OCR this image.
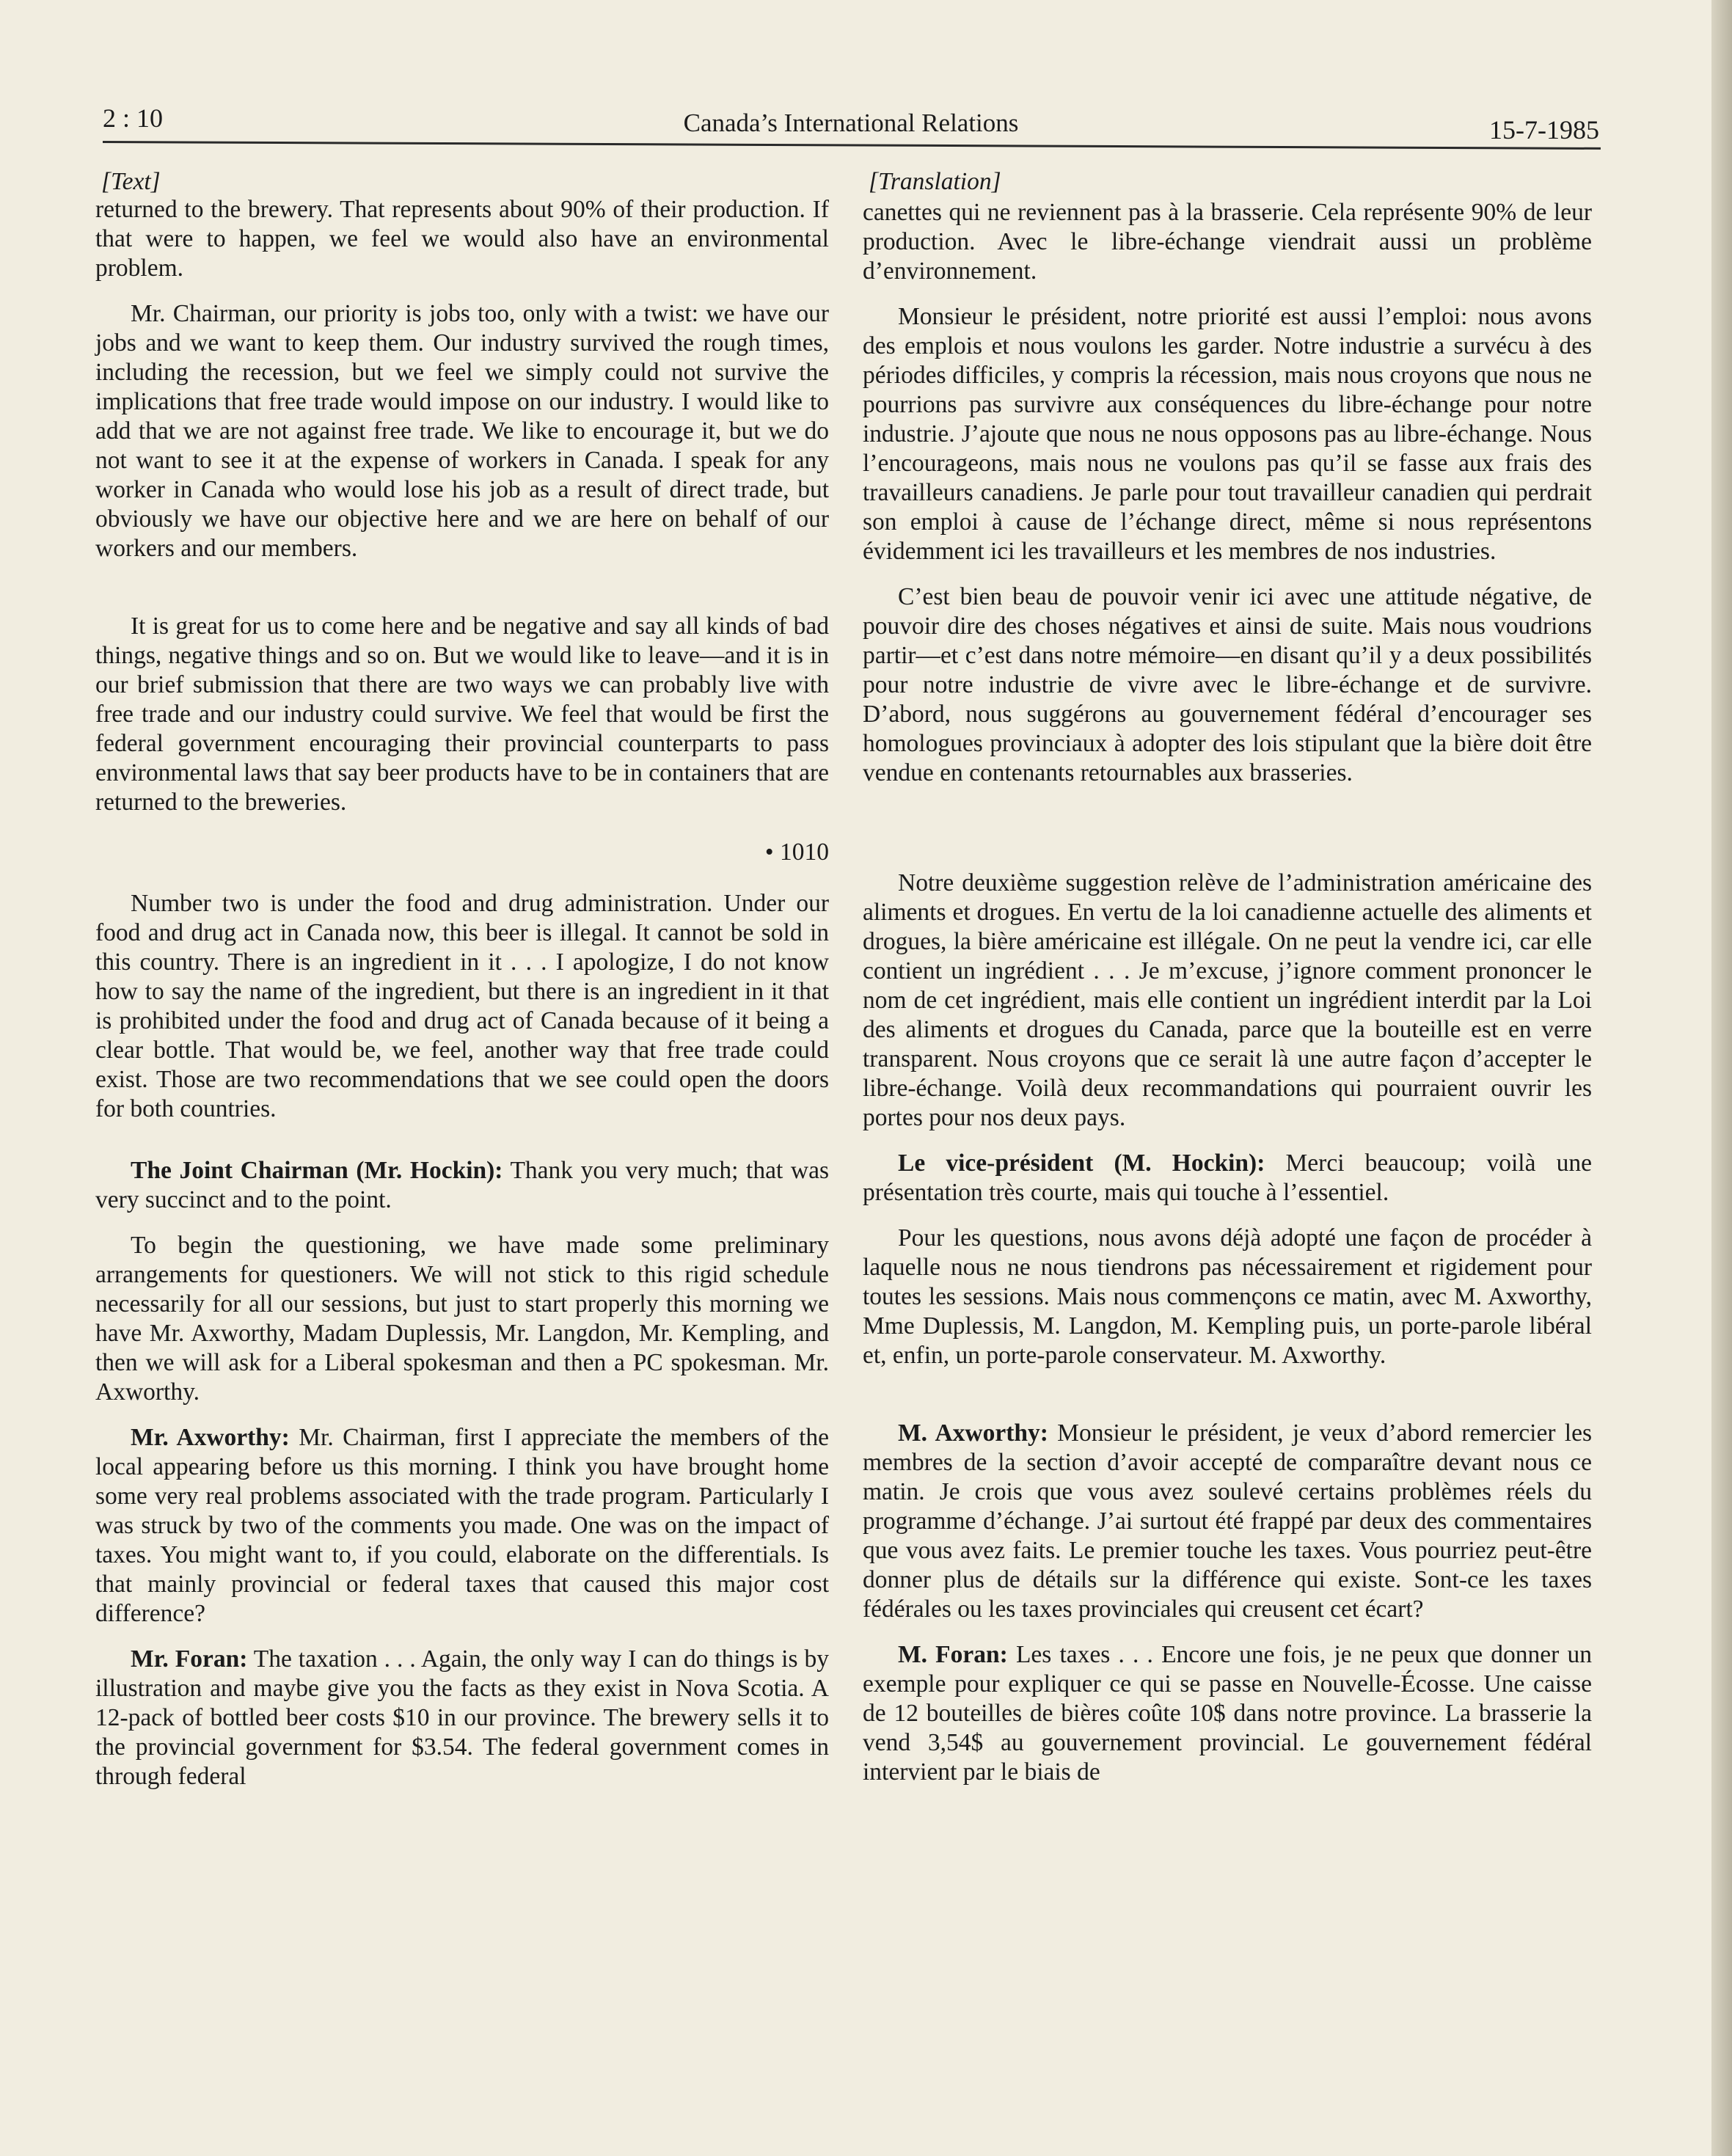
2 : 10	Canada’s International Relations	15-7-1985

[Text]

returned to the brewery. That represents about 90% of their production. If that were to happen, we feel we would also have an environmental problem.

Mr. Chairman, our priority is jobs too, only with a twist: we have our jobs and we want to keep them. Our industry survived the rough times, including the recession, but we feel we simply could not survive the implications that free trade would impose on our industry. I would like to add that we are not against free trade. We like to encourage it, but we do not want to see it at the expense of workers in Canada. I speak for any worker in Canada who would lose his job as a result of direct trade, but obviously we have our objective here and we are here on behalf of our workers and our members.

It is great for us to come here and be negative and say all kinds of bad things, negative things and so on. But we would like to leave—and it is in our brief submission that there are two ways we can probably live with free trade and our industry could survive. We feel that would be first the federal government encouraging their provincial counterparts to pass environmental laws that say beer products have to be in containers that are returned to the breweries.

• 1010

Number two is under the food and drug administration. Under our food and drug act in Canada now, this beer is illegal. It cannot be sold in this country. There is an ingredient in it . . . I apologize, I do not know how to say the name of the ingredient, but there is an ingredient in it that is prohibited under the food and drug act of Canada because of it being a clear bottle. That would be, we feel, another way that free trade could exist. Those are two recommendations that we see could open the doors for both countries.

The Joint Chairman (Mr. Hockin): Thank you very much; that was very succinct and to the point.

To begin the questioning, we have made some preliminary arrangements for questioners. We will not stick to this rigid schedule necessarily for all our sessions, but just to start properly this morning we have Mr. Axworthy, Madam Duplessis, Mr. Langdon, Mr. Kempling, and then we will ask for a Liberal spokesman and then a PC spokesman. Mr. Axworthy.

Mr. Axworthy: Mr. Chairman, first I appreciate the members of the local appearing before us this morning. I think you have brought home some very real problems associated with the trade program. Particularly I was struck by two of the comments you made. One was on the impact of taxes. You might want to, if you could, elaborate on the differentials. Is that mainly provincial or federal taxes that caused this major cost difference?

Mr. Foran: The taxation . . . Again, the only way I can do things is by illustration and maybe give you the facts as they exist in Nova Scotia. A 12-pack of bottled beer costs $10 in our province. The brewery sells it to the provincial government for $3.54. The federal government comes in through federal

[Translation]

canettes qui ne reviennent pas à la brasserie. Cela représente 90% de leur production. Avec le libre-échange viendrait aussi un problème d’environnement.

Monsieur le président, notre priorité est aussi l’emploi: nous avons des emplois et nous voulons les garder. Notre industrie a survécu à des périodes difficiles, y compris la récession, mais nous croyons que nous ne pourrions pas survivre aux conséquences du libre-échange pour notre industrie. J’ajoute que nous ne nous opposons pas au libre-échange. Nous l’encourageons, mais nous ne voulons pas qu’il se fasse aux frais des travailleurs canadiens. Je parle pour tout travailleur canadien qui perdrait son emploi à cause de l’échange direct, même si nous représentons évidemment ici les travailleurs et les membres de nos industries.

C’est bien beau de pouvoir venir ici avec une attitude négative, de pouvoir dire des choses négatives et ainsi de suite. Mais nous voudrions partir—et c’est dans notre mémoire—en disant qu’il y a deux possibilités pour notre industrie de vivre avec le libre-échange et de survivre. D’abord, nous suggérons au gouvernement fédéral d’encourager ses homologues provinciaux à adopter des lois stipulant que la bière doit être vendue en contenants retournables aux brasseries.

Notre deuxième suggestion relève de l’administration américaine des aliments et drogues. En vertu de la loi canadienne actuelle des aliments et drogues, la bière américaine est illégale. On ne peut la vendre ici, car elle contient un ingrédient . . . Je m’excuse, j’ignore comment prononcer le nom de cet ingrédient, mais elle contient un ingrédient interdit par la Loi des aliments et drogues du Canada, parce que la bouteille est en verre transparent. Nous croyons que ce serait là une autre façon d’accepter le libre-échange. Voilà deux recommandations qui pourraient ouvrir les portes pour nos deux pays.

Le vice-président (M. Hockin): Merci beaucoup; voilà une présentation très courte, mais qui touche à l’essentiel.

Pour les questions, nous avons déjà adopté une façon de procéder à laquelle nous ne nous tiendrons pas nécessairement et rigidement pour toutes les sessions. Mais nous commençons ce matin, avec M. Axworthy, Mme Duplessis, M. Langdon, M. Kempling puis, un porte-parole libéral et, enfin, un porte-parole conservateur. M. Axworthy.

M. Axworthy: Monsieur le président, je veux d’abord remercier les membres de la section d’avoir accepté de comparaître devant nous ce matin. Je crois que vous avez soulevé certains problèmes réels du programme d’échange. J’ai surtout été frappé par deux des commentaires que vous avez faits. Le premier touche les taxes. Vous pourriez peut-être donner plus de détails sur la différence qui existe. Sont-ce les taxes fédérales ou les taxes provinciales qui creusent cet écart?

M. Foran: Les taxes . . . Encore une fois, je ne peux que donner un exemple pour expliquer ce qui se passe en Nouvelle-Écosse. Une caisse de 12 bouteilles de bières coûte 10$ dans notre province. La brasserie la vend 3,54$ au gouvernement provincial. Le gouvernement fédéral intervient par le biais de
